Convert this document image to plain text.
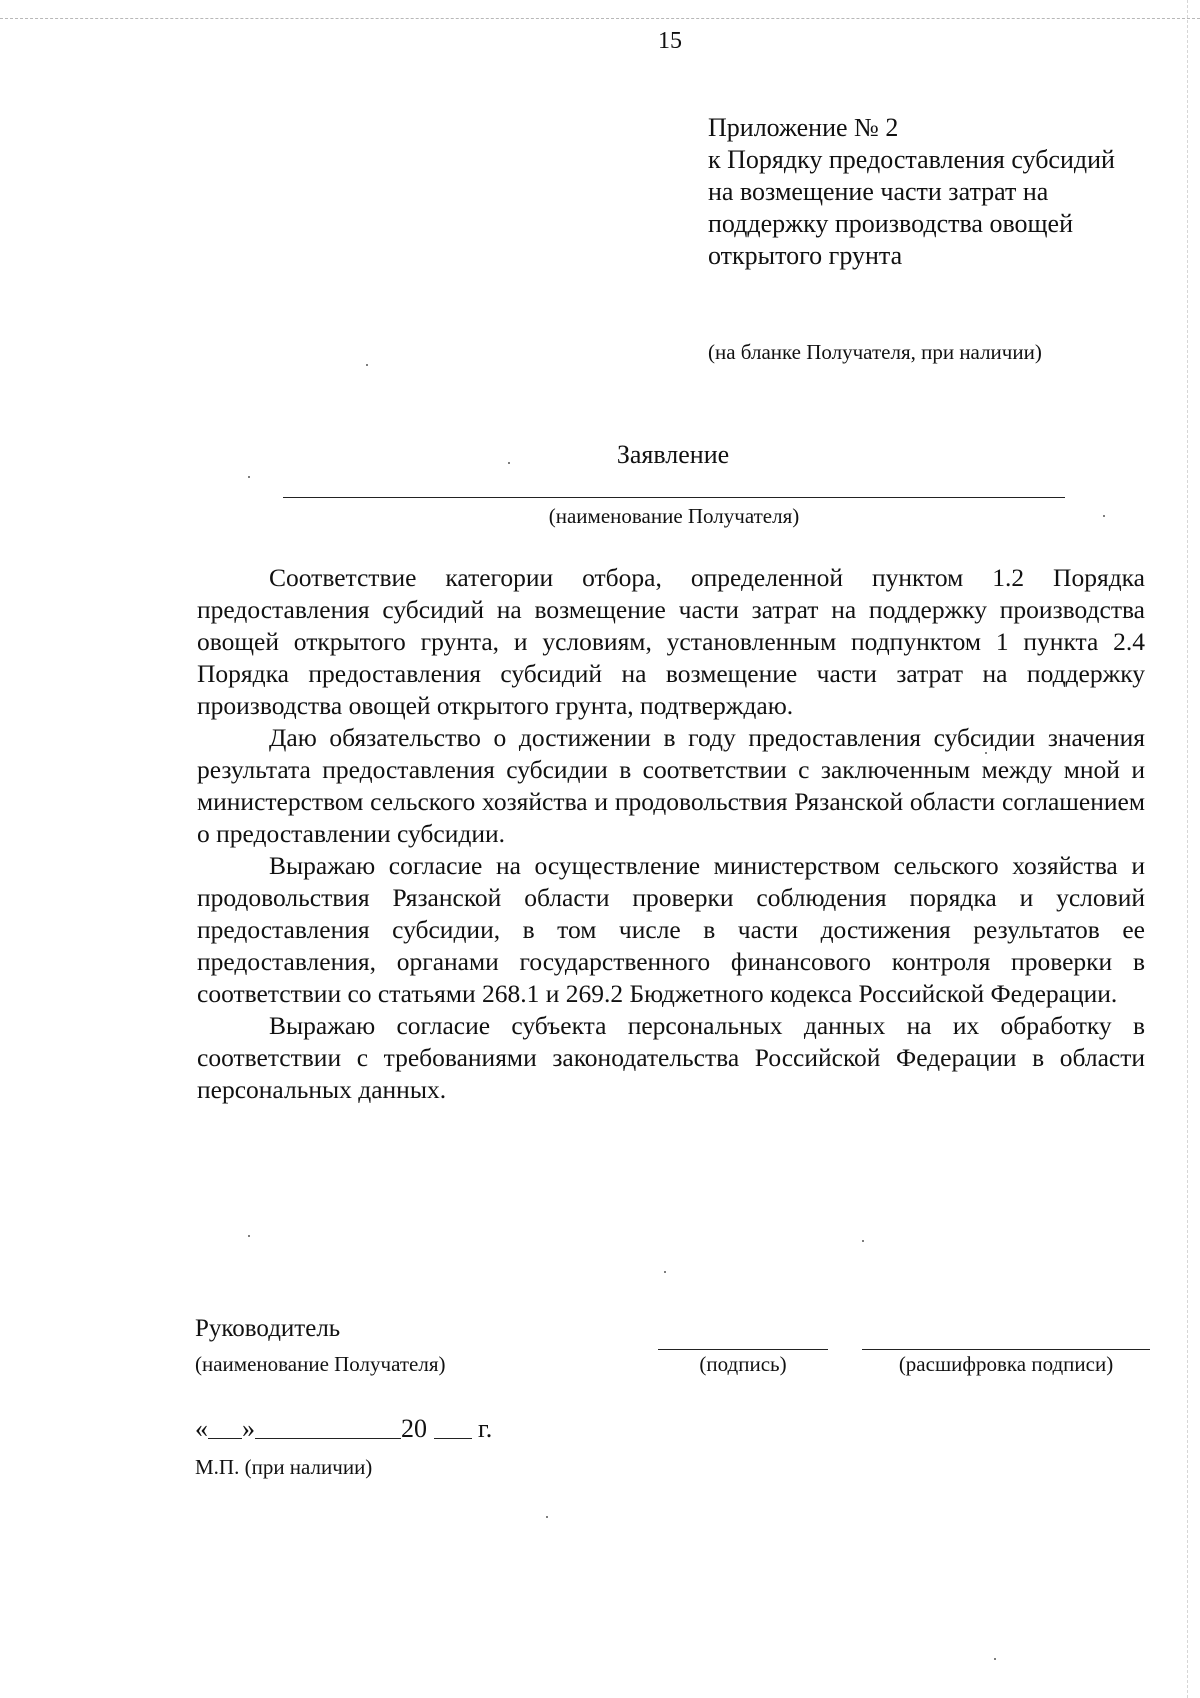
15
Приложение № 2
к Порядку предоставления субсидий
на возмещение части затрат на
поддержку производства овощей
открытого грунта
(на бланке Получателя, при наличии)
Заявление
(наименование Получателя)

Соответствие категории отбора, определенной пунктом 1.2 Порядка предоставления субсидий на возмещение части затрат на поддержку производства овощей открытого грунта, и условиям, установленным подпунктом 1 пункта 2.4 Порядка предоставления субсидий на возмещение части затрат на поддержку производства овощей открытого грунта, подтверждаю.

Даю обязательство о достижении в году предоставления субсидии значения результата предоставления субсидии в соответствии с заключенным между мной и министерством сельского хозяйства и продовольствия Рязанской области соглашением о предоставлении субсидии.

Выражаю согласие на осуществление министерством сельского хозяйства и продовольствия Рязанской области проверки соблюдения порядка и условий предоставления субсидии, в том числе в части достижения результатов ее предоставления, органами государственного финансового контроля проверки в соответствии со статьями 268.1 и 269.2 Бюджетного кодекса Российской Федерации.

Выражаю согласие субъекта персональных данных на их обработку в соответствии с требованиями законодательства Российской Федерации в области персональных данных.

Руководитель
(наименование Получателя)	(подпись)	(расшифровка подписи)
« »	20 г.
М.П. (при наличии)
